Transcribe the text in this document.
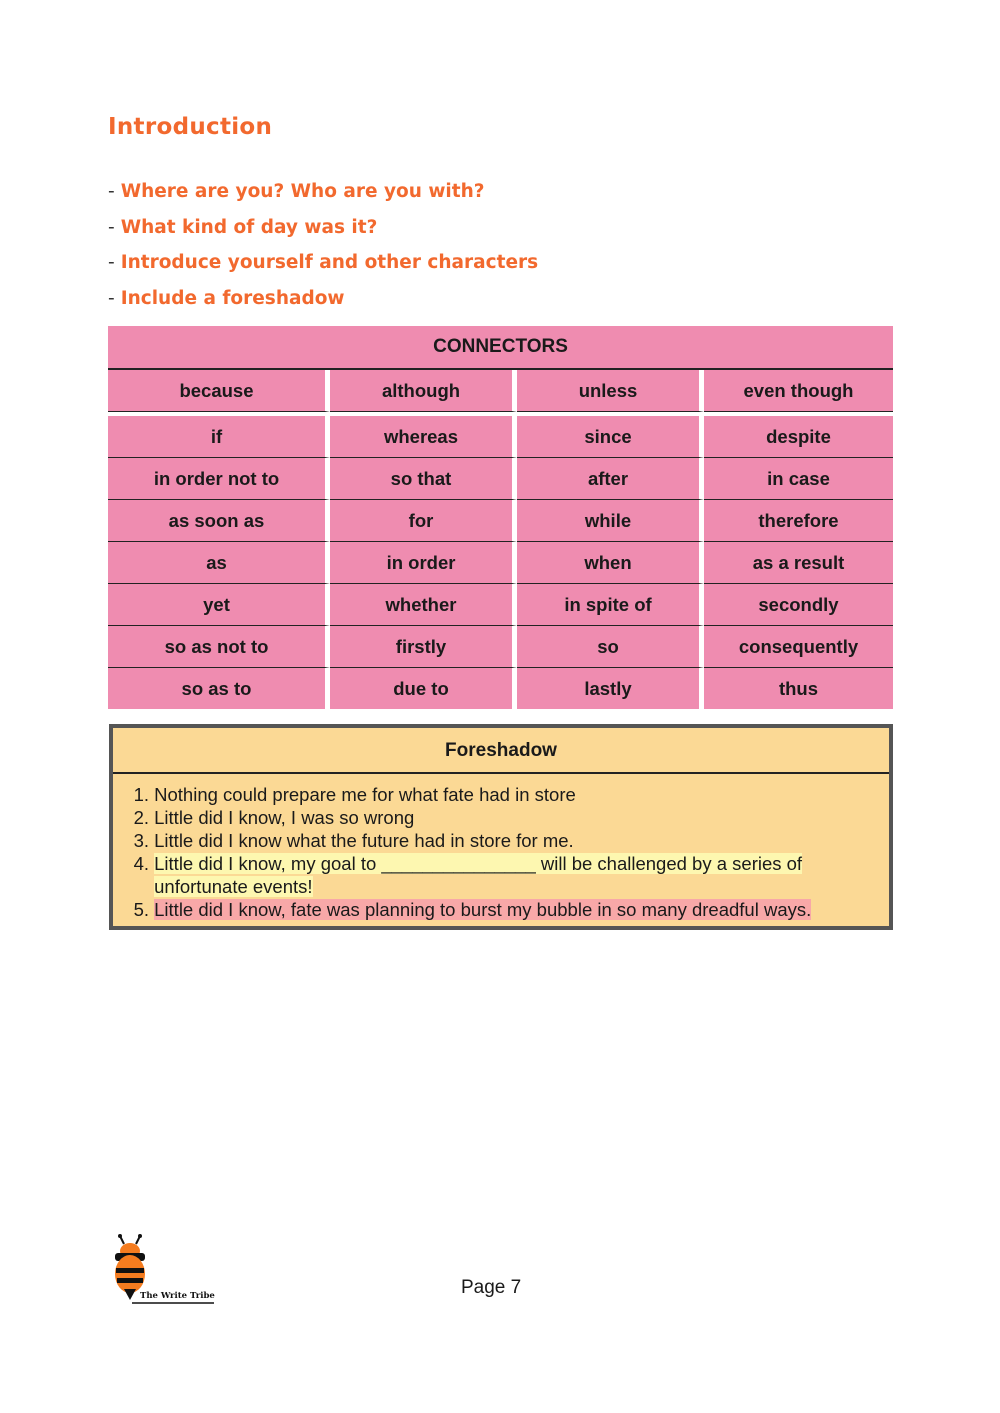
Introduction
- Where are you? Who are you with?
- What kind of day was it?
- Introduce yourself and other characters
- Include a foreshadow
CONNECTORS			
because	although	unless	even though
if	whereas	since	despite
in order not to	so that	after	in case
as soon as	for	while	therefore
as	in order	when	as a result
yet	whether	in spite of	secondly
so as not to	firstly	so	consequently
so as to	due to	lastly	thus
Foreshadow
1. Nothing could prepare me for what fate had in store
2. Little did I know, I was so wrong
3. Little did I know what the future had in store for me.
4. Little did I know, my goal to _______________ will be challenged by a series of
unfortunate events!
5. Little did I know, fate was planning to burst my bubble in so many dreadful ways.
The Write Tribe	Page 7
